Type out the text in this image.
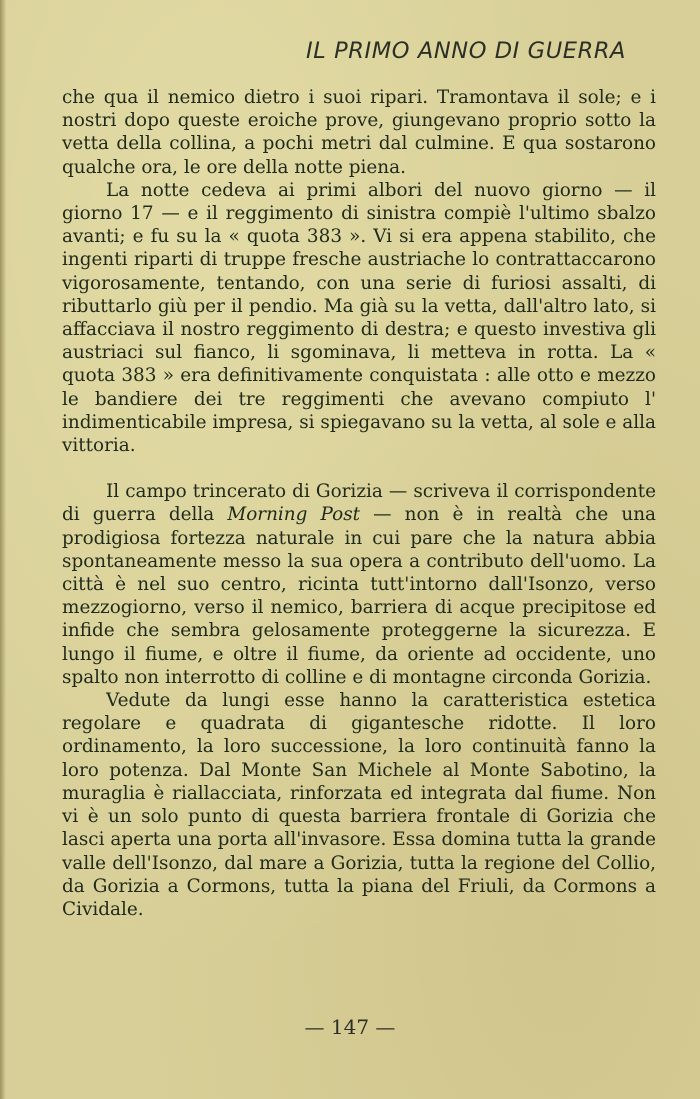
IL PRIMO ANNO DI GUERRA

che qua il nemico dietro i suoi ripari. Tramontava il sole; e i nostri dopo queste eroiche prove, giungevano proprio sotto la vetta della collina, a pochi metri dal culmine. E qua sostarono qualche ora, le ore della notte piena.

La notte cedeva ai primi albori del nuovo giorno — il giorno 17 — e il reggimento di sinistra compiè l'ultimo sbalzo avanti; e fu su la « quota 383 ». Vi si era appena stabilito, che ingenti riparti di truppe fresche austriache lo contrattaccarono vigorosamente, tentando, con una serie di furiosi assalti, di ributtarlo giù per il pendio. Ma già su la vetta, dall'altro lato, si affacciava il nostro reggimento di destra; e questo investiva gli austriaci sul fianco, li sgominava, li metteva in rotta. La « quota 383 » era definitivamente conquistata : alle otto e mezzo le bandiere dei tre reggimenti che avevano compiuto l' indimenticabile impresa, si spiegavano su la vetta, al sole e alla vittoria.

Il campo trincerato di Gorizia — scriveva il corrispondente di guerra della Morning Post — non è in realtà che una prodigiosa fortezza naturale in cui pare che la natura abbia spontaneamente messo la sua opera a contributo dell'uomo. La città è nel suo centro, ricinta tutt'intorno dall'Isonzo, verso mezzogiorno, verso il nemico, barriera di acque precipitose ed infide che sembra gelosamente proteggerne la sicurezza. E lungo il fiume, e oltre il fiume, da oriente ad occidente, uno spalto non interrotto di colline e di montagne circonda Gorizia.

Vedute da lungi esse hanno la caratteristica estetica regolare e quadrata di gigantesche ridotte. Il loro ordinamento, la loro successione, la loro continuità fanno la loro potenza. Dal Monte San Michele al Monte Sabotino, la muraglia è riallacciata, rinforzata ed integrata dal fiume. Non vi è un solo punto di questa barriera frontale di Gorizia che lasci aperta una porta all'invasore. Essa domina tutta la grande valle dell'Isonzo, dal mare a Gorizia, tutta la regione del Collio, da Gorizia a Cormons, tutta la piana del Friuli, da Cormons a Cividale.

— 147 —
